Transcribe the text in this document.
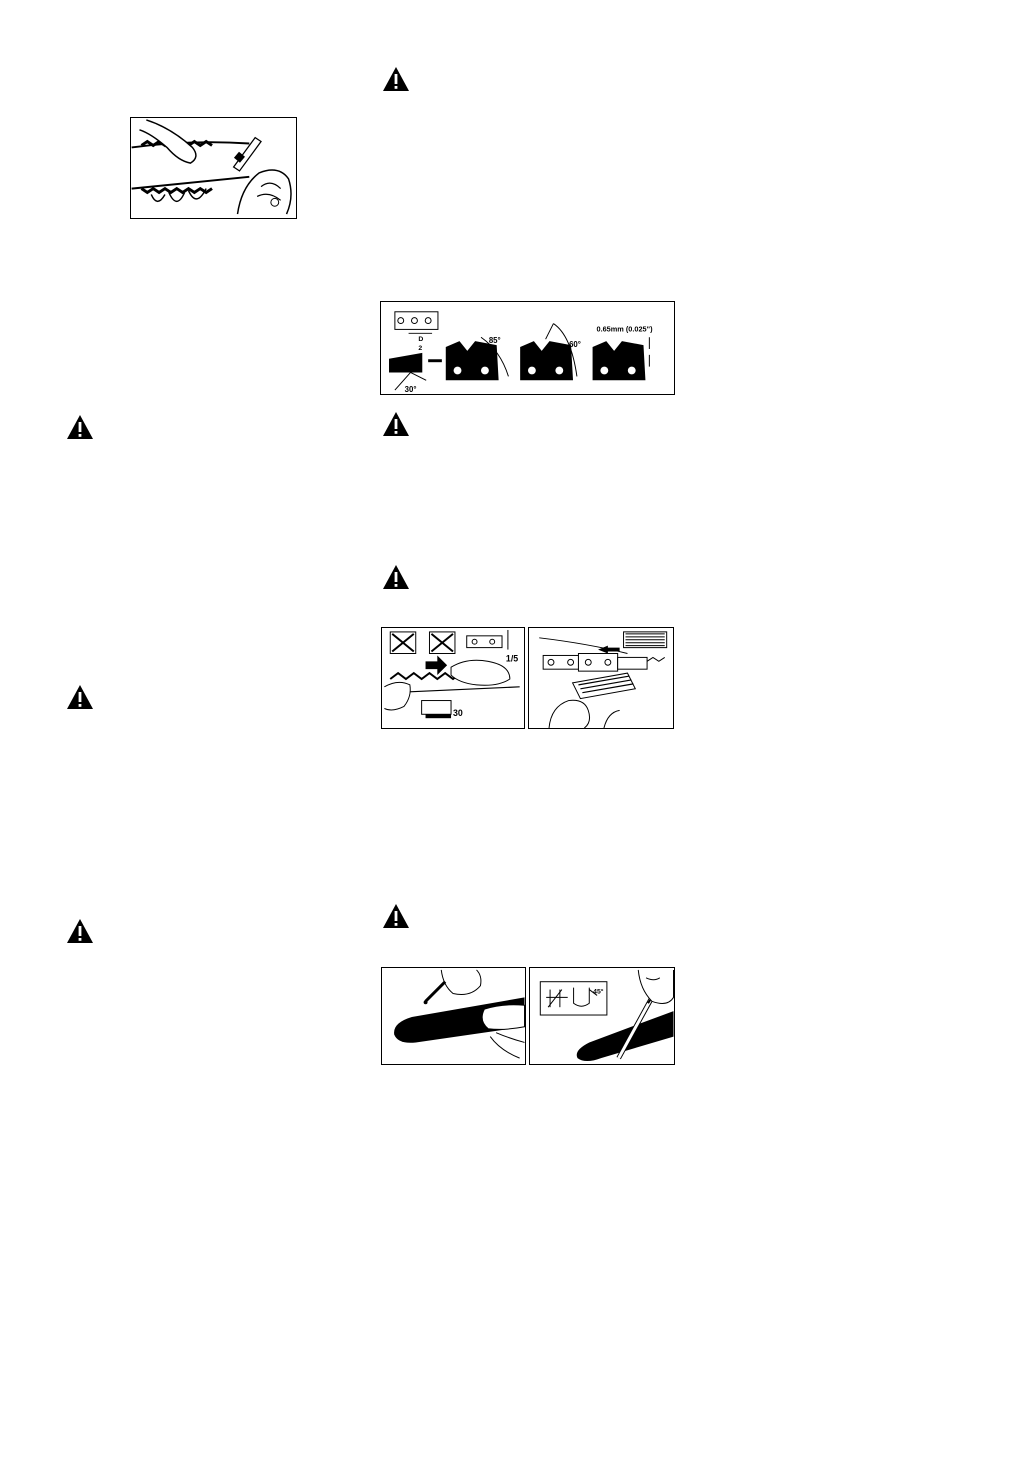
D
2
30°
85°	60°
0.65mm (0.025")
1/5
30
45°
